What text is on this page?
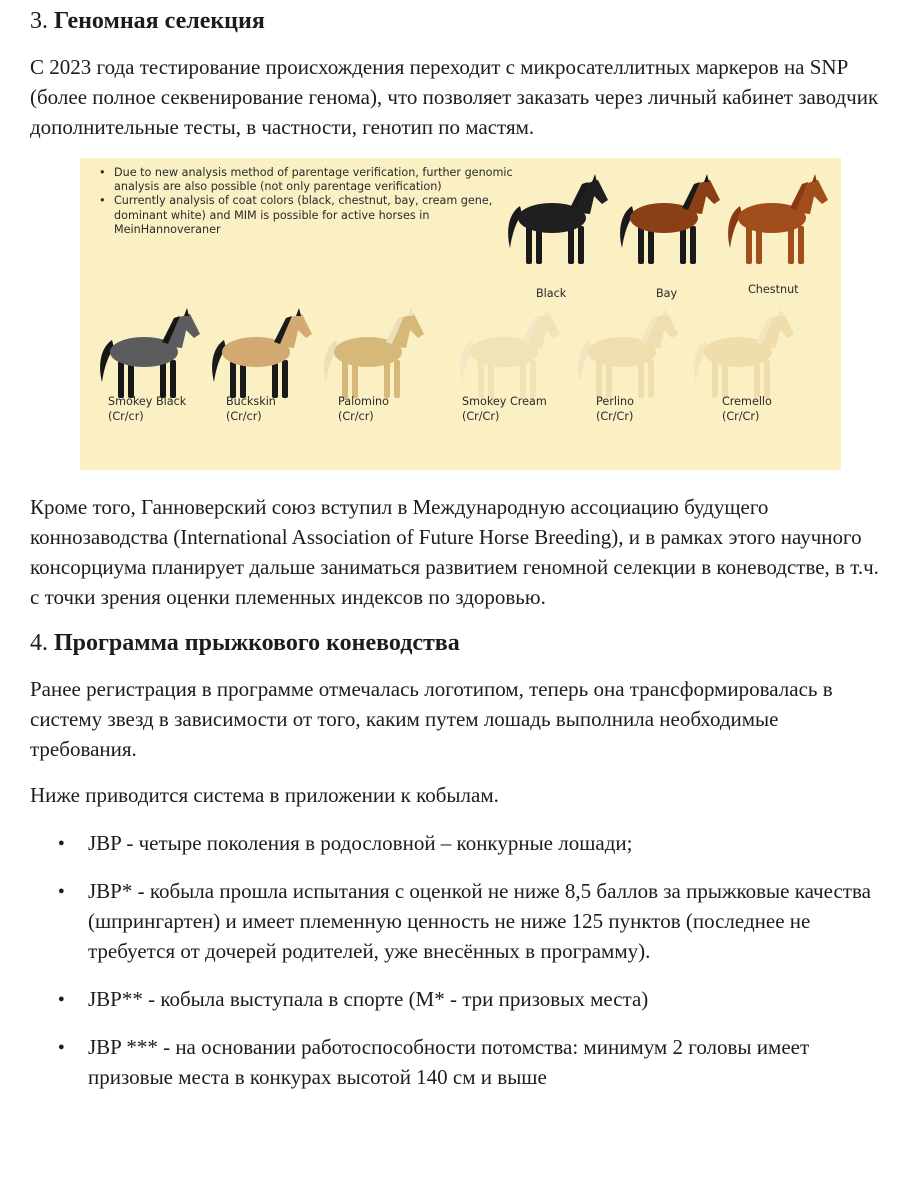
3. Геномная селекция

С 2023 года тестирование происхождения переходит с микросателлитных маркеров на SNP (более полное секвенирование генома), что позволяет заказать через личный кабинет заводчик дополнительные тесты, в частности, генотип по мастям.

• Due to new analysis method of parentage verification, further genomic analysis are also possible (not only parentage verification)
• Currently analysis of coat colors (black, chestnut, bay, cream gene, dominant white) and MIM is possible for active horses in MeinHannoveraner
Black	Bay	Chestnut
Smokey Black
(Cr/cr)
Buckskin
(Cr/cr)
Palomino
(Cr/cr)
Smokey Cream
(Cr/Cr)
Perlino
(Cr/Cr)
Cremello
(Cr/Cr)

Кроме того, Ганноверский союз вступил в Международную ассоциацию будущего коннозаводства (International Association of Future Horse Breeding), и в рамках этого научного консорциума планирует дальше заниматься развитием геномной селекции в коневодстве, в т.ч. с точки зрения оценки племенных индексов по здоровью.

4. Программа прыжкового коневодства

Ранее регистрация в программе отмечалась логотипом, теперь она трансформировалась в систему звезд в зависимости от того, каким путем лошадь выполнила необходимые требования.

Ниже приводится система в приложении к кобылам.

● JBP - четыре поколения в родословной – конкурные лошади;
● JBP* - кобыла прошла испытания с оценкой не ниже 8,5 баллов за прыжковые качества (шпрингартен) и имеет племенную ценность не ниже 125 пунктов (последнее не требуется от дочерей родителей, уже внесённых в программу).
● JBP** - кобыла выступала в спорте (M* - три призовых места)
● JBP *** - на основании работоспособности потомства: минимум 2 головы имеет призовые места в конкурах высотой 140 см и выше
